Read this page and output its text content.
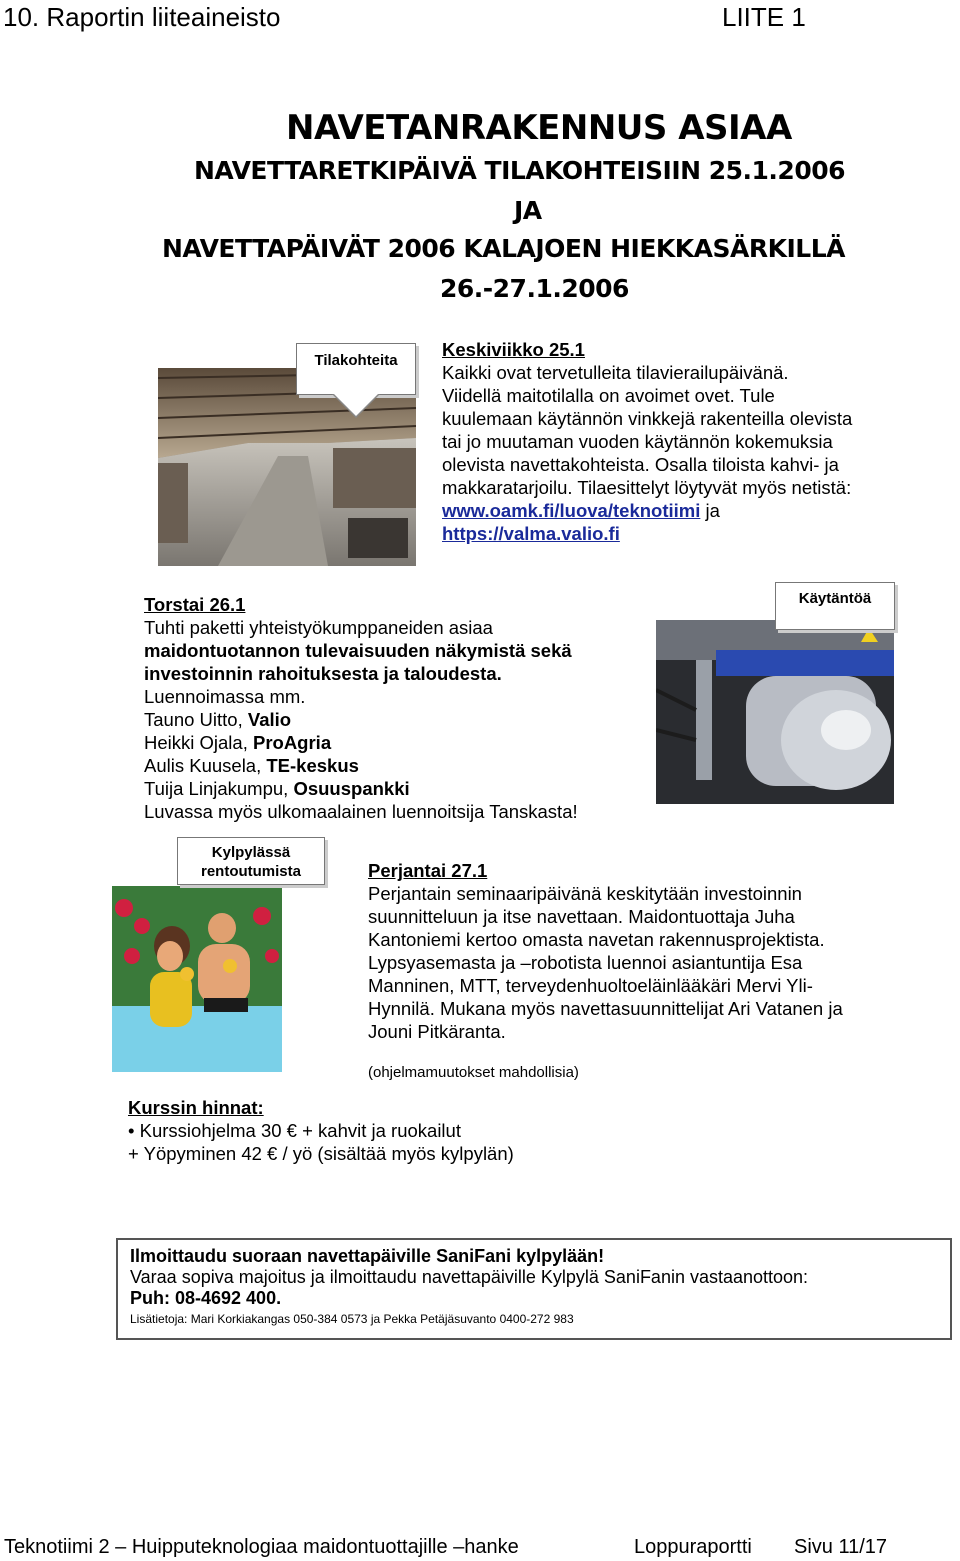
10. Raportin liiteaineisto	LIITE 1
NAVETANRAKENNUS ASIAA
NAVETTARETKIPÄIVÄ TILAKOHTEISIIN 25.1.2006
JA
NAVETTAPÄIVÄT 2006 KALAJOEN HIEKKASÄRKILLÄ
26.-27.1.2006
Tilakohteita
Keskiviikko 25.1
Kaikki ovat tervetulleita tilavierailupäivänä.
Viidellä maitotilalla on avoimet ovet. Tule
kuulemaan käytännön vinkkejä rakenteilla olevista
tai jo muutaman vuoden käytännön kokemuksia
olevista navettakohteista. Osalla tiloista kahvi- ja
makkaratarjoilu. Tilaesittelyt löytyvät myös netistä:
www.oamk.fi/luova/teknotiimi ja
https://valma.valio.fi
Torstai 26.1
Tuhti paketti yhteistyökumppaneiden asiaa
maidontuotannon tulevaisuuden näkymistä sekä
investoinnin rahoituksesta ja taloudesta.
Luennoimassa mm.
Tauno Uitto, Valio
Heikki Ojala, ProAgria
Aulis Kuusela, TE-keskus
Tuija Linjakumpu, Osuuspankki
Luvassa myös ulkomaalainen luennoitsija Tanskasta!
Käytäntöä
Kylpylässä
rentoutumista	Perjantai 27.1
Perjantain seminaaripäivänä keskitytään investoinnin
suunnitteluun ja itse navettaan. Maidontuottaja Juha
Kantoniemi kertoo omasta navetan rakennusprojektista.
Lypsyasemasta ja –robotista luennoi asiantuntija Esa
Manninen, MTT, terveydenhuoltoeläinlääkäri Mervi Yli-
Hynnilä. Mukana myös navettasuunnittelijat Ari Vatanen ja
Jouni Pitkäranta.
(ohjelmamuutokset mahdollisia)
Kurssin hinnat:
• Kurssiohjelma 30 € + kahvit ja ruokailut
+ Yöpyminen 42 € / yö (sisältää myös kylpylän)
Ilmoittaudu suoraan navettapäiville SaniFani kylpylään!
Varaa sopiva majoitus ja ilmoittaudu navettapäiville Kylpylä SaniFanin vastaanottoon:
Puh: 08-4692 400.
Lisätietoja: Mari Korkiakangas 050-384 0573 ja Pekka Petäjäsuvanto 0400-272 983
Teknotiimi 2 – Huipputeknologiaa maidontuottajille –hanke	Loppuraportti Sivu 11/17
